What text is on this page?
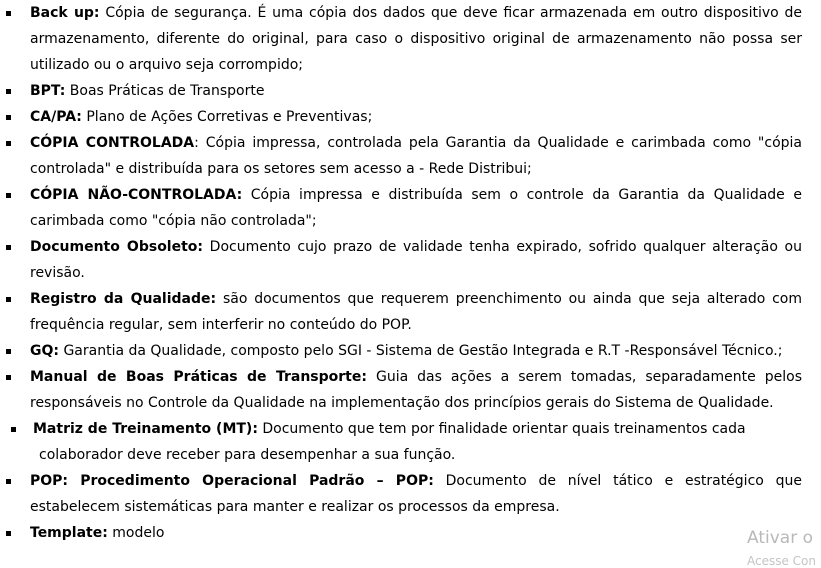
Back up: Cópia de segurança. É uma cópia dos dados que deve ficar armazenada em outro dispositivo de armazenamento, diferente do original, para caso o dispositivo original de armazenamento não possa ser utilizado ou o arquivo seja corrompido;
BPT: Boas Práticas de Transporte
CA/PA: Plano de Ações Corretivas e Preventivas;
CÓPIA CONTROLADA: Cópia impressa, controlada pela Garantia da Qualidade e carimbada como "cópia controlada" e distribuída para os setores sem acesso a - Rede Distribui;
CÓPIA NÃO-CONTROLADA: Cópia impressa e distribuída sem o controle da Garantia da Qualidade e carimbada como "cópia não controlada";
Documento Obsoleto: Documento cujo prazo de validade tenha expirado, sofrido qualquer alteração ou revisão.
Registro da Qualidade: são documentos que requerem preenchimento ou ainda que seja alterado com frequência regular, sem interferir no conteúdo do POP.
GQ: Garantia da Qualidade, composto pelo SGI - Sistema de Gestão Integrada e R.T -Responsável Técnico.;
Manual de Boas Práticas de Transporte: Guia das ações a serem tomadas, separadamente pelos responsáveis no Controle da Qualidade na implementação dos princípios gerais do Sistema de Qualidade.
Matriz de Treinamento (MT): Documento que tem por finalidade orientar quais treinamentos cada
colaborador deve receber para desempenhar a sua função.
POP: Procedimento Operacional Padrão – POP: Documento de nível tático e estratégico que estabelecem sistemáticas para manter e realizar os processos da empresa.
Template: modelo	Ativar o
Acesse Con
